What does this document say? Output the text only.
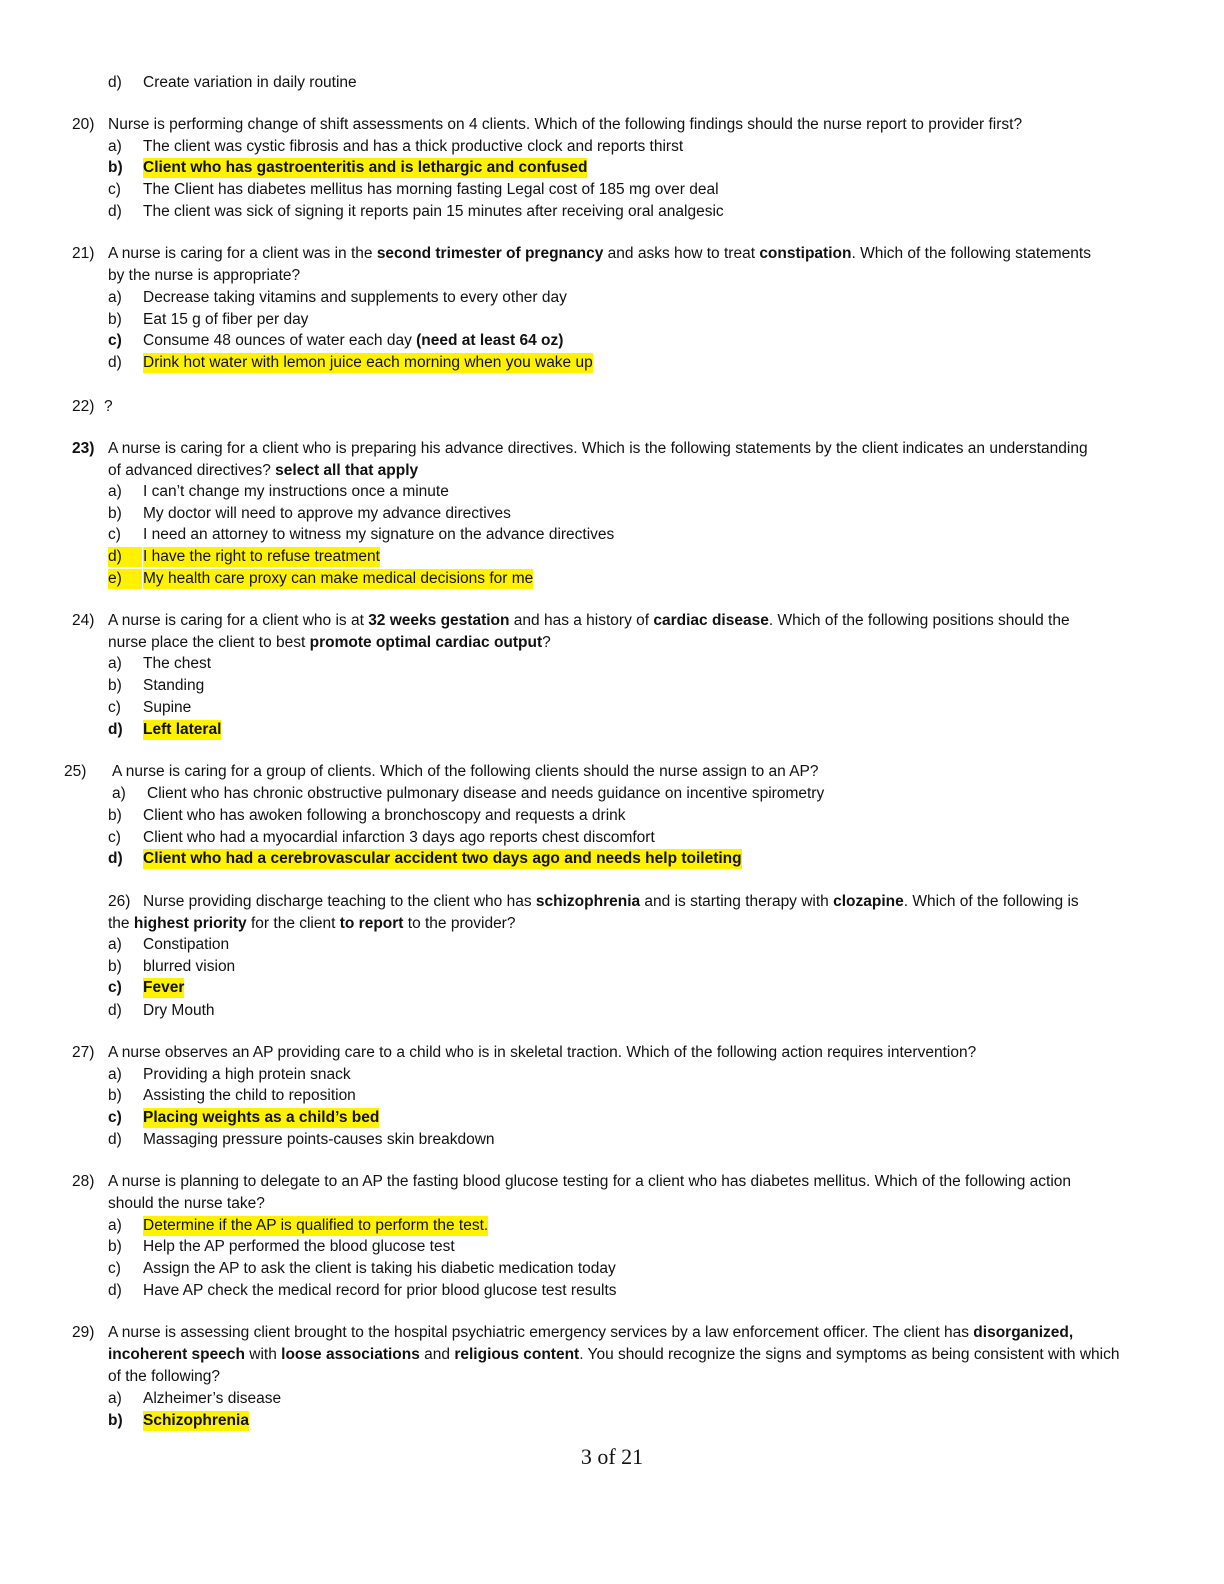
d) Create variation in daily routine
20) Nurse is performing change of shift assessments on 4 clients. Which of the following findings should the nurse report to provider first?
a) The client was cystic fibrosis and has a thick productive clock and reports thirst
b) Client who has gastroenteritis and is lethargic and confused
c) The Client has diabetes mellitus has morning fasting Legal cost of 185 mg over deal
d) The client was sick of signing it reports pain 15 minutes after receiving oral analgesic
21) A nurse is caring for a client was in the second trimester of pregnancy and asks how to treat constipation. Which of the following statements
by the nurse is appropriate?
a) Decrease taking vitamins and supplements to every other day
b) Eat 15 g of fiber per day
c) Consume 48 ounces of water each day (need at least 64 oz)
d) Drink hot water with lemon juice each morning when you wake up
22) ?
23) A nurse is caring for a client who is preparing his advance directives. Which is the following statements by the client indicates an understanding
of advanced directives? select all that apply
a) I can’t change my instructions once a minute
b) My doctor will need to approve my advance directives
c) I need an attorney to witness my signature on the advance directives
d)	I have the right to refuse treatment
e)	My health care proxy can make medical decisions for me
24) A nurse is caring for a client who is at 32 weeks gestation and has a history of cardiac disease. Which of the following positions should the
nurse place the client to best promote optimal cardiac output?
a) The chest
b) Standing
c) Supine
d) Left lateral
25) A nurse is caring for a group of clients. Which of the following clients should the nurse assign to an AP?
a) Client who has chronic obstructive pulmonary disease and needs guidance on incentive spirometry
b) Client who has awoken following a bronchoscopy and requests a drink
c) Client who had a myocardial infarction 3 days ago reports chest discomfort
d) Client who had a cerebrovascular accident two days ago and needs help toileting
26) Nurse providing discharge teaching to the client who has schizophrenia and is starting therapy with clozapine. Which of the following is
the highest priority for the client to report to the provider?
a) Constipation
b) blurred vision
c) Fever
d) Dry Mouth
27) A nurse observes an AP providing care to a child who is in skeletal traction. Which of the following action requires intervention?
a) Providing a high protein snack
b) Assisting the child to reposition
c) Placing weights as a child’s bed
d) Massaging pressure points-causes skin breakdown
28) A nurse is planning to delegate to an AP the fasting blood glucose testing for a client who has diabetes mellitus. Which of the following action
should the nurse take?
a) Determine if the AP is qualified to perform the test.
b) Help the AP performed the blood glucose test
c) Assign the AP to ask the client is taking his diabetic medication today
d) Have AP check the medical record for prior blood glucose test results
29) A nurse is assessing client brought to the hospital psychiatric emergency services by a law enforcement officer. The client has disorganized,
incoherent speech with loose associations and religious content. You should recognize the signs and symptoms as being consistent with which
of the following?
a) Alzheimer’s disease
b) Schizophrenia
3 of 21
